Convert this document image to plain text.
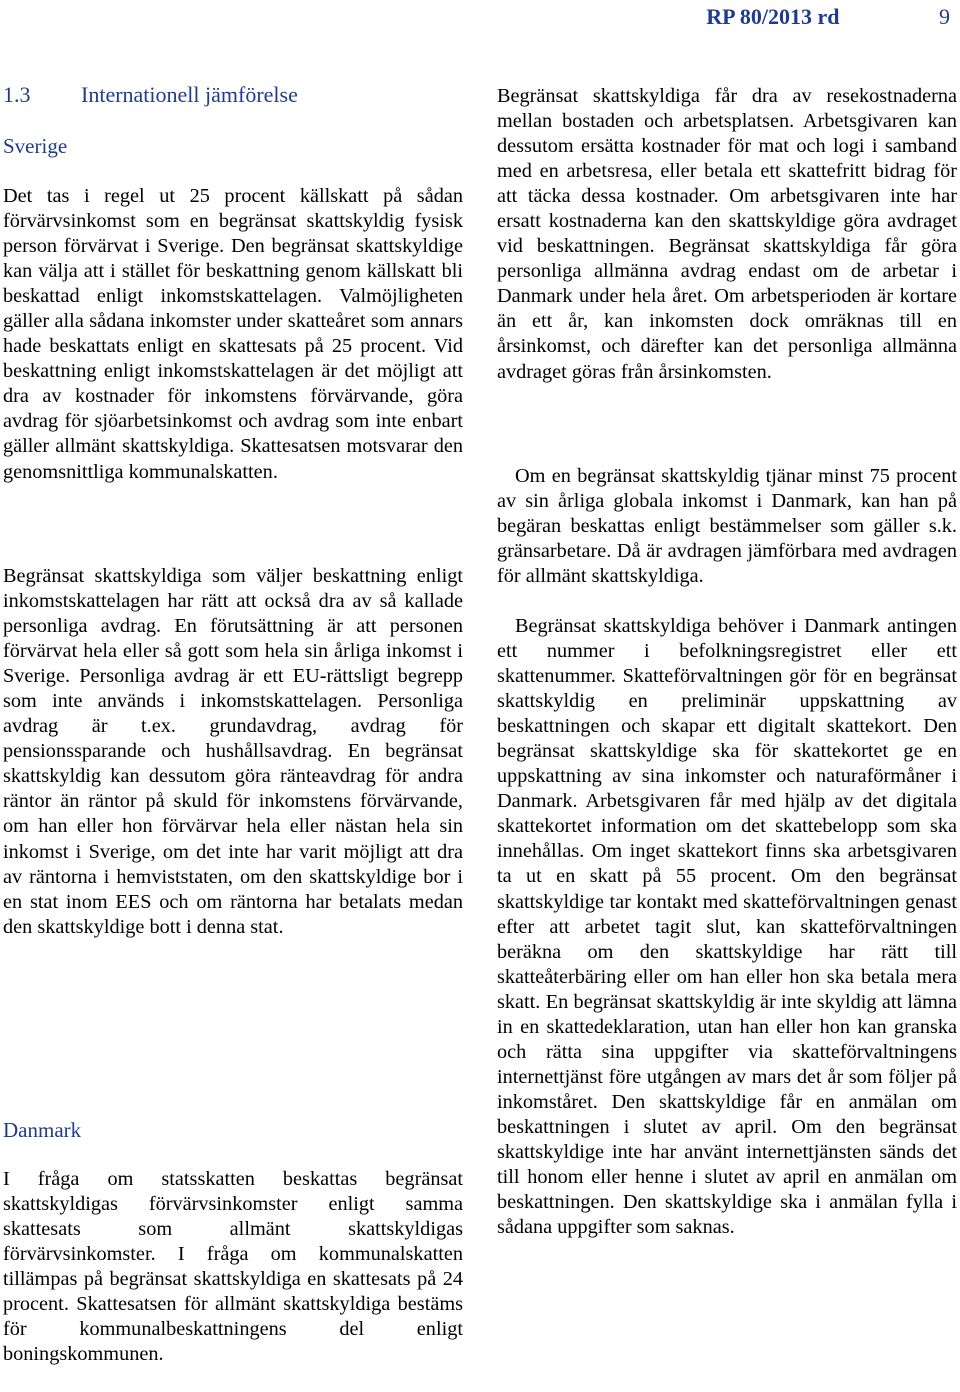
RP 80/2013 rd	9
1.3 Internationell jämförelse
Sverige

Det tas i regel ut 25 procent källskatt på sådan förvärvsinkomst som en begränsat skattskyldig fysisk person förvärvat i Sverige. Den begränsat skattskyldige kan välja att i stället för beskattning genom källskatt bli beskattad enligt inkomstskattelagen. Valmöjligheten gäller alla sådana inkomster under skatteåret som annars hade beskattats enligt en skattesats på 25 procent. Vid beskattning enligt inkomstskattelagen är det möjligt att dra av kostnader för inkomstens förvärvande, göra avdrag för sjöarbetsinkomst och avdrag som inte enbart gäller allmänt skattskyldiga. Skattesatsen motsvarar den genomsnittliga kommunalskatten.

Begränsat skattskyldiga som väljer beskattning enligt inkomstskattelagen har rätt att också dra av så kallade personliga avdrag. En förutsättning är att personen förvärvat hela eller så gott som hela sin årliga inkomst i Sverige. Personliga avdrag är ett EU-rättsligt begrepp som inte används i inkomstskattelagen. Personliga avdrag är t.ex. grundavdrag, avdrag för pensionssparande och hushållsavdrag. En begränsat skattskyldig kan dessutom göra ränteavdrag för andra räntor än räntor på skuld för inkomstens förvärvande, om han eller hon förvärvar hela eller nästan hela sin inkomst i Sverige, om det inte har varit möjligt att dra av räntorna i hemviststaten, om den skattskyldige bor i en stat inom EES och om räntorna har betalats medan den skattskyldige bott i denna stat.

I fråga om statsskatten beskattas begränsat skattskyldigas förvärvsinkomster enligt samma skattesats som allmänt skattskyldigas förvärvsinkomster. I fråga om kommunalskatten tillämpas på begränsat skattskyldiga en skattesats på 24 procent. Skattesatsen för allmänt skattskyldiga bestäms för kommunalbeskattningens del enligt boningskommunen.

Danmark

Begränsat skattskyldiga får dra av resekostnaderna mellan bostaden och arbetsplatsen. Arbetsgivaren kan dessutom ersätta kostnader för mat och logi i samband med en arbetsresa, eller betala ett skattefritt bidrag för att täcka dessa kostnader. Om arbetsgivaren inte har ersatt kostnaderna kan den skattskyldige göra avdraget vid beskattningen. Begränsat skattskyldiga får göra personliga allmänna avdrag endast om de arbetar i Danmark under hela året. Om arbetsperioden är kortare än ett år, kan inkomsten dock omräknas till en årsinkomst, och därefter kan det personliga allmänna avdraget göras från årsinkomsten.

Om en begränsat skattskyldig tjänar minst 75 procent av sin årliga globala inkomst i Danmark, kan han på begäran beskattas enligt bestämmelser som gäller s.k. gränsarbetare. Då är avdragen jämförbara med avdragen för allmänt skattskyldiga.

Begränsat skattskyldiga behöver i Danmark antingen ett nummer i befolkningsregistret eller ett skattenummer. Skatteförvaltningen gör för en begränsat skattskyldig en preliminär uppskattning av beskattningen och skapar ett digitalt skattekort. Den begränsat skattskyldige ska för skattekortet ge en uppskattning av sina inkomster och naturaförmåner i Danmark. Arbetsgivaren får med hjälp av det digitala skattekortet information om det skattebelopp som ska innehållas. Om inget skattekort finns ska arbetsgivaren ta ut en skatt på 55 procent. Om den begränsat skattskyldige tar kontakt med skatteförvaltningen genast efter att arbetet tagit slut, kan skatteförvaltningen beräkna om den skattskyldige har rätt till skatteåterbäring eller om han eller hon ska betala mera skatt. En begränsat skattskyldig är inte skyldig att lämna in en skattedeklaration, utan han eller hon kan granska och rätta sina uppgifter via skatteförvaltningens internettjänst före utgången av mars det år som följer på inkomståret. Den skattskyldige får en anmälan om beskattningen i slutet av april. Om den begränsat skattskyldige inte har använt internettjänsten sänds det till honom eller henne i slutet av april en anmälan om beskattningen. Den skattskyldige ska i anmälan fylla i sådana uppgifter som saknas.
